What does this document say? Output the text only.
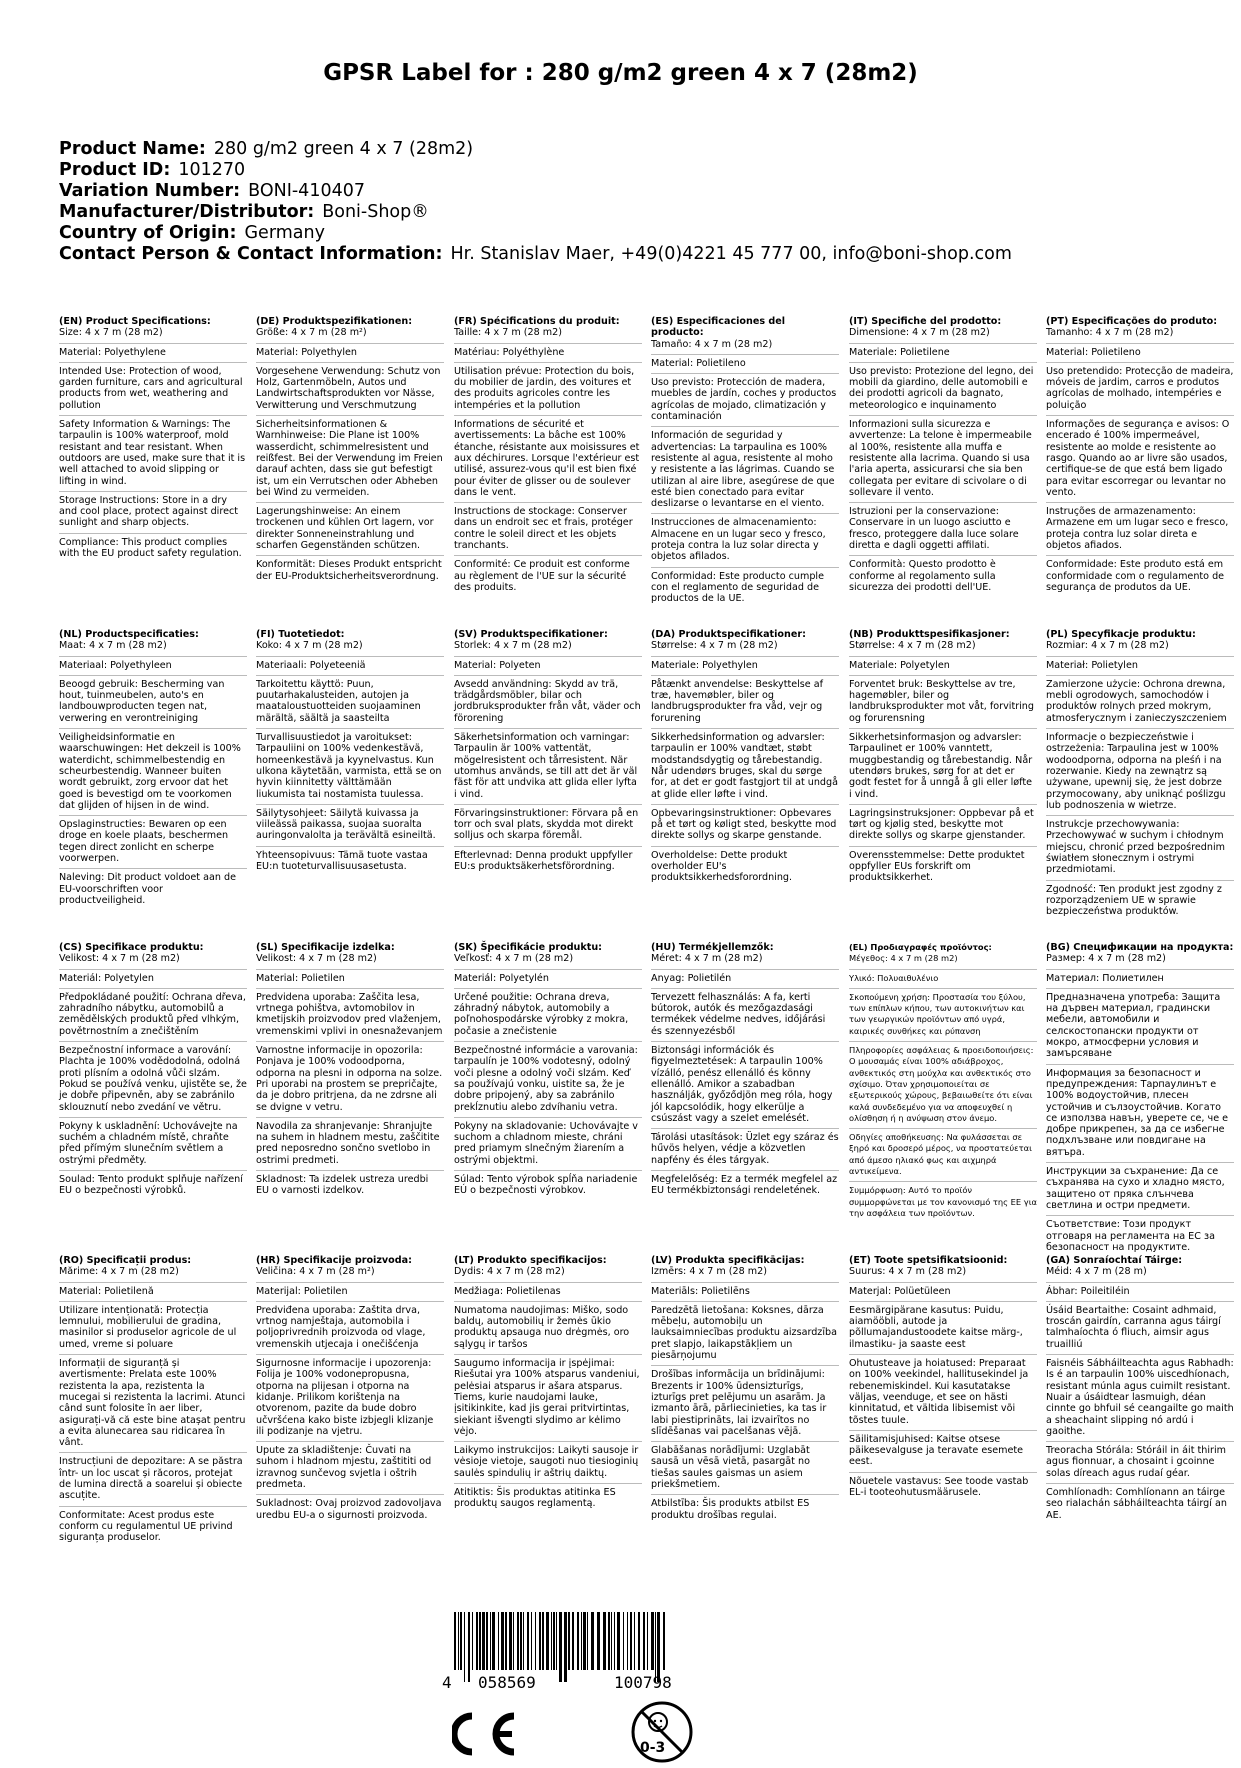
GPSR Label for : 280 g/m2 green 4 x 7 (28m2)
Product Name: 280 g/m2 green 4 x 7 (28m2)
Product ID: 101270
Variation Number: BONI-410407
Manufacturer/Distributor: Boni-Shop®
Country of Origin: Germany
Contact Person & Contact Information: Hr. Stanislav Maer, +49(0)4221 45 777 00, info@boni-shop.com
(EN) Product Specifications:

Size: 4 x 7 m (28 m2)

Material: Polyethylene

Intended Use: Protection of wood, garden furniture, cars and agricultural products from wet, weathering and pollution

Safety Information & Warnings: The tarpaulin is 100% waterproof, mold resistant and tear resistant. When outdoors are used, make sure that it is well attached to avoid slipping or lifting in wind.

Storage Instructions: Store in a dry and cool place, protect against direct sunlight and sharp objects.

Compliance: This product complies with the EU product safety regulation.

(DE) Produktspezifikationen:

Größe: 4 x 7 m (28 m²)

Material: Polyethylen

Vorgesehene Verwendung: Schutz von Holz, Gartenmöbeln, Autos und Landwirtschaftsprodukten vor Nässe, Verwitterung und Verschmutzung

Sicherheitsinformationen & Warnhinweise: Die Plane ist 100% wasserdicht, schimmelresistent und reißfest. Bei der Verwendung im Freien darauf achten, dass sie gut befestigt ist, um ein Verrutschen oder Abheben bei Wind zu vermeiden.

Lagerungshinweise: An einem trockenen und kühlen Ort lagern, vor direkter Sonneneinstrahlung und scharfen Gegenständen schützen.

Konformität: Dieses Produkt entspricht der EU-Produktsicherheitsverordnung.

(FR) Spécifications du produit:

Taille: 4 x 7 m (28 m2)

Matériau: Polyéthylène

Utilisation prévue: Protection du bois, du mobilier de jardin, des voitures et des produits agricoles contre les intempéries et la pollution

Informations de sécurité et avertissements: La bâche est 100% étanche, résistante aux moisissures et aux déchirures. Lorsque l'extérieur est utilisé, assurez-vous qu'il est bien fixé pour éviter de glisser ou de soulever dans le vent.

Instructions de stockage: Conserver dans un endroit sec et frais, protéger contre le soleil direct et les objets tranchants.

Conformité: Ce produit est conforme au règlement de l'UE sur la sécurité des produits.

(ES) Especificaciones del producto:

Tamaño: 4 x 7 m (28 m2)

Material: Polietileno

Uso previsto: Protección de madera, muebles de jardín, coches y productos agrícolas de mojado, climatización y contaminación

Información de seguridad y advertencias: La tarpaulina es 100% resistente al agua, resistente al moho y resistente a las lágrimas. Cuando se utilizan al aire libre, asegúrese de que esté bien conectado para evitar deslizarse o levantarse en el viento.

Instrucciones de almacenamiento: Almacene en un lugar seco y fresco, proteja contra la luz solar directa y objetos afilados.

Conformidad: Este producto cumple con el reglamento de seguridad de productos de la UE.

(IT) Specifiche del prodotto:

Dimensione: 4 x 7 m (28 m2)

Materiale: Polietilene

Uso previsto: Protezione del legno, dei mobili da giardino, delle automobili e dei prodotti agricoli da bagnato, meteorologico e inquinamento

Informazioni sulla sicurezza e avvertenze: La telone è impermeabile al 100%, resistente alla muffa e resistente alla lacrima. Quando si usa l'aria aperta, assicurarsi che sia ben collegata per evitare di scivolare o di sollevare il vento.

Istruzioni per la conservazione: Conservare in un luogo asciutto e fresco, proteggere dalla luce solare diretta e dagli oggetti affilati.

Conformità: Questo prodotto è conforme al regolamento sulla sicurezza dei prodotti dell'UE.

(PT) Especificações do produto:

Tamanho: 4 x 7 m (28 m2)

Material: Polietileno

Uso pretendido: Protecção de madeira, móveis de jardim, carros e produtos agrícolas de molhado, intempéries e poluição

Informações de segurança e avisos: O encerado é 100% impermeável, resistente ao molde e resistente ao rasgo. Quando ao ar livre são usados, certifique-se de que está bem ligado para evitar escorregar ou levantar no vento.

Instruções de armazenamento: Armazene em um lugar seco e fresco, proteja contra luz solar direta e objetos afiados.

Conformidade: Este produto está em conformidade com o regulamento de segurança de produtos da UE.

(NL) Productspecificaties:

Maat: 4 x 7 m (28 m2)

Materiaal: Polyethyleen

Beoogd gebruik: Bescherming van hout, tuinmeubelen, auto's en landbouwproducten tegen nat, verwering en verontreiniging

Veiligheidsinformatie en waarschuwingen: Het dekzeil is 100% waterdicht, schimmelbestendig en scheurbestendig. Wanneer buiten wordt gebruikt, zorg ervoor dat het goed is bevestigd om te voorkomen dat glijden of hijsen in de wind.

Opslaginstructies: Bewaren op een droge en koele plaats, beschermen tegen direct zonlicht en scherpe voorwerpen.

Naleving: Dit product voldoet aan de EU-voorschriften voor productveiligheid.

(FI) Tuotetiedot:

Koko: 4 x 7 m (28 m2)

Materiaali: Polyeteeniä

Tarkoitettu käyttö: Puun, puutarhakalusteiden, autojen ja maataloustuotteiden suojaaminen märältä, säältä ja saasteilta

Turvallisuustiedot ja varoitukset: Tarpauliini on 100% vedenkestävä, homeenkestävä ja kyynelvastus. Kun ulkona käytetään, varmista, että se on hyvin kiinnitetty välttämään liukumista tai nostamista tuulessa.

Säilytysohjeet: Säilytä kuivassa ja viileässä paikassa, suojaa suoralta auringonvalolta ja terävältä esineiltä.

Yhteensopivuus: Tämä tuote vastaa EU:n tuoteturvallisuusasetusta.

(SV) Produktspecifikationer:

Storlek: 4 x 7 m (28 m2)

Material: Polyeten

Avsedd användning: Skydd av trä, trädgårdsmöbler, bilar och jordbruksprodukter från våt, väder och förorening

Säkerhetsinformation och varningar: Tarpaulin är 100% vattentät, mögelresistent och tårresistent. När utomhus används, se till att det är väl fäst för att undvika att glida eller lyfta i vind.

Förvaringsinstruktioner: Förvara på en torr och sval plats, skydda mot direkt solljus och skarpa föremål.

Efterlevnad: Denna produkt uppfyller EU:s produktsäkerhetsförordning.

(DA) Produktspecifikationer:

Størrelse: 4 x 7 m (28 m2)

Materiale: Polyethylen

Påtænkt anvendelse: Beskyttelse af træ, havemøbler, biler og landbrugsprodukter fra våd, vejr og forurening

Sikkerhedsinformation og advarsler: tarpaulin er 100% vandtæt, støbt modstandsdygtig og tårebestandig. Når udendørs bruges, skal du sørge for, at det er godt fastgjort til at undgå at glide eller løfte i vind.

Opbevaringsinstruktioner: Opbevares på et tørt og køligt sted, beskytte mod direkte sollys og skarpe genstande.

Overholdelse: Dette produkt overholder EU's produktsikkerhedsforordning.

(NB) Produkttspesifikasjoner:

Størrelse: 4 x 7 m (28 m2)

Materiale: Polyetylen

Forventet bruk: Beskyttelse av tre, hagemøbler, biler og landbruksprodukter mot våt, forvitring og forurensning

Sikkerhetsinformasjon og advarsler: Tarpaulinet er 100% vanntett, muggbestandig og tårebestandig. Når utendørs brukes, sørg for at det er godt festet for å unngå å gli eller løfte i vind.

Lagringsinstruksjoner: Oppbevar på et tørt og kjølig sted, beskytte mot direkte sollys og skarpe gjenstander.

Overensstemmelse: Dette produktet oppfyller EUs forskrift om produktsikkerhet.

(PL) Specyfikacje produktu:

Rozmiar: 4 x 7 m (28 m2)

Materiał: Polietylen

Zamierzone użycie: Ochrona drewna, mebli ogrodowych, samochodów i produktów rolnych przed mokrym, atmosferycznym i zanieczyszczeniem

Informacje o bezpieczeństwie i ostrzeżenia: Tarpaulina jest w 100% wodoodporna, odporna na pleśń i na rozerwanie. Kiedy na zewnątrz są używane, upewnij się, że jest dobrze przymocowany, aby uniknąć poślizgu lub podnoszenia w wietrze.

Instrukcje przechowywania: Przechowywać w suchym i chłodnym miejscu, chronić przed bezpośrednim światłem słonecznym i ostrymi przedmiotami.

Zgodność: Ten produkt jest zgodny z rozporządzeniem UE w sprawie bezpieczeństwa produktów.

(CS) Specifikace produktu:

Velikost: 4 x 7 m (28 m2)

Materiál: Polyetylen

Předpokládané použití: Ochrana dřeva, zahradního nábytku, automobilů a zemědělských produktů před vlhkým, povětrnostním a znečištěním

Bezpečnostní informace a varování: Plachta je 100% vodědodolná, odolná proti plísním a odolná vůči slzám. Pokud se používá venku, ujistěte se, že je dobře připevněn, aby se zabránilo sklouznutí nebo zvedání ve větru.

Pokyny k uskladnění: Uchovávejte na suchém a chladném místě, chraňte před přímým slunečním světlem a ostrými předměty.

Soulad: Tento produkt splňuje nařízení EU o bezpečnosti výrobků.

(SL) Specifikacije izdelka:

Velikost: 4 x 7 m (28 m2)

Material: Polietilen

Predvidena uporaba: Zaščita lesa, vrtnega pohištva, avtomobilov in kmetijskih proizvodov pred vlaženjem, vremenskimi vplivi in onesnaževanjem

Varnostne informacije in opozorila: Ponjava je 100% vodoodporna, odporna na plesni in odporna na solze. Pri uporabi na prostem se prepričajte, da je dobro pritrjena, da ne zdrsne ali se dvigne v vetru.

Navodila za shranjevanje: Shranjujte na suhem in hladnem mestu, zaščitite pred neposredno sončno svetlobo in ostrimi predmeti.

Skladnost: Ta izdelek ustreza uredbi EU o varnosti izdelkov.

(SK) Špecifikácie produktu:

Veľkosť: 4 x 7 m (28 m2)

Materiál: Polyetylén

Určené použitie: Ochrana dreva, záhradný nábytok, automobily a poľnohospodárske výrobky z mokra, počasie a znečistenie

Bezpečnostné informácie a varovania: tarpaulín je 100% vodotesný, odolný voči plesne a odolný voči slzám. Keď sa používajú vonku, uistite sa, že je dobre pripojený, aby sa zabránilo prekĺznutiu alebo zdvíhaniu vetra.

Pokyny na skladovanie: Uchovávajte v suchom a chladnom mieste, chráni pred priamym slnečným žiarením a ostrými objektmi.

Súlad: Tento výrobok spĺňa nariadenie EÚ o bezpečnosti výrobkov.

(HU) Termékjellemzők:

Méret: 4 x 7 m (28 m2)

Anyag: Polietilén

Tervezett felhasználás: A fa, kerti bútorok, autók és mezőgazdasági termékek védelme nedves, időjárási és szennyezésből

Biztonsági információk és figyelmeztetések: A tarpaulin 100% vízálló, penész ellenálló és könny ellenálló. Amikor a szabadban használják, győződjön meg róla, hogy jól kapcsolódik, hogy elkerülje a csúszást vagy a szelet emelését.

Tárolási utasítások: Üzlet egy száraz és hűvös helyen, védje a közvetlen napfény és éles tárgyak.

Megfelelőség: Ez a termék megfelel az EU termékbiztonsági rendeletének.

(EL) Προδιαγραφές προϊόντος:

Μέγεθος: 4 x 7 m (28 m2)

Υλικό: Πολυαιθυλένιο

Σκοπούμενη χρήση: Προστασία του ξύλου, των επίπλων κήπου, των αυτοκινήτων και των γεωργικών προϊόντων από υγρά, καιρικές συνθήκες και ρύπανση

Πληροφορίες ασφάλειας & προειδοποιήσεις: Ο μουσαμάς είναι 100% αδιάβροχος, ανθεκτικός στη μούχλα και ανθεκτικός στο σχίσιμο. Όταν χρησιμοποιείται σε εξωτερικούς χώρους, βεβαιωθείτε ότι είναι καλά συνδεδεμένο για να αποφευχθεί η ολίσθηση ή η ανύψωση στον άνεμο.

Οδηγίες αποθήκευσης: Να φυλάσσεται σε ξηρό και δροσερό μέρος, να προστατεύεται από άμεσο ηλιακό φως και αιχμηρά αντικείμενα.

Συμμόρφωση: Αυτό το προϊόν συμμορφώνεται με τον κανονισμό της ΕΕ για την ασφάλεια των προϊόντων.

(BG) Спецификации на продукта:

Размер: 4 x 7 m (28 m2)

Материал: Полиетилен

Предназначена употреба: Защита на дървен материал, градински мебели, автомобили и селскостопански продукти от мокро, атмосферни условия и замърсяване

Информация за безопасност и предупреждения: Тарпаулинът е 100% водоустойчив, плесен устойчив и сълзоустойчив. Когато се използва навън, уверете се, че е добре прикрепен, за да се избегне подхлъзване или повдигане на вятъра.

Инструкции за съхранение: Да се съхранява на сухо и хладно място, защитено от пряка слънчева светлина и остри предмети.

Съответствие: Този продукт отговаря на регламента на ЕС за безопасност на продуктите.

(RO) Specificații produs:

Mărime: 4 x 7 m (28 m2)

Material: Polietilenă

Utilizare intenționată: Protecția lemnului, mobilierului de gradina, masinilor si produselor agricole de ul umed, vreme si poluare

Informații de siguranță și avertismente: Prelata este 100% rezistenta la apa, rezistenta la mucegai si rezistenta la lacrimi. Atunci când sunt folosite în aer liber, asigurați-vă că este bine atașat pentru a evita alunecarea sau ridicarea în vânt.

Instrucțiuni de depozitare: A se păstra într- un loc uscat și răcoros, protejat de lumina directă a soarelui și obiecte ascuțite.

Conformitate: Acest produs este conform cu regulamentul UE privind siguranța produselor.

(HR) Specifikacije proizvoda:

Veličina: 4 x 7 m (28 m²)

Materijal: Polietilen

Predviđena uporaba: Zaštita drva, vrtnog namještaja, automobila i poljoprivrednih proizvoda od vlage, vremenskih utjecaja i onečišćenja

Sigurnosne informacije i upozorenja: Folija je 100% vodonepropusna, otporna na plijesan i otporna na kidanje. Prilikom korištenja na otvorenom, pazite da bude dobro učvršćena kako biste izbjegli klizanje ili podizanje na vjetru.

Upute za skladištenje: Čuvati na suhom i hladnom mjestu, zaštititi od izravnog sunčevog svjetla i oštrih predmeta.

Sukladnost: Ovaj proizvod zadovoljava uredbu EU-a o sigurnosti proizvoda.

(LT) Produkto specifikacijos:

Dydis: 4 x 7 m (28 m2)

Medžiaga: Polietilenas

Numatoma naudojimas: Miško, sodo baldų, automobilių ir žemės ūkio produktų apsauga nuo drėgmės, oro sąlygų ir taršos

Saugumo informacija ir įspėjimai: Riešutai yra 100% atsparus vandeniui, pelėsiai atsparus ir ašara atsparus. Tiems, kurie naudojami lauke, įsitikinkite, kad jis gerai pritvirtintas, siekiant išvengti slydimo ar kėlimo vėjo.

Laikymo instrukcijos: Laikyti sausoje ir vėsioje vietoje, saugoti nuo tiesioginių saulės spindulių ir aštrių daiktų.

Atitiktis: Šis produktas atitinka ES produktų saugos reglamentą.

(LV) Produkta specifikācijas:

Izmērs: 4 x 7 m (28 m2)

Materiāls: Polietilēns

Paredzētā lietošana: Koksnes, dārza mēbeļu, automobiļu un lauksaimniecības produktu aizsardzība pret slapjo, laikapstākļiem un piesārņojumu

Drošības informācija un brīdinājumi: Brezents ir 100% ūdensizturīgs, izturīgs pret pelējumu un asarām. Ja izmanto ārā, pārliecinieties, ka tas ir labi piestiprināts, lai izvairītos no slīdēšanas vai pacelšanas vējā.

Glabāšanas norādījumi: Uzglabāt sausā un vēsā vietā, pasargāt no tiešas saules gaismas un asiem priekšmetiem.

Atbilstība: Šis produkts atbilst ES produktu drošības regulai.

(ET) Toote spetsifikatsioonid:

Suurus: 4 x 7 m (28 m2)

Materjal: Polüetüleen

Eesmärgipärane kasutus: Puidu, aiamööbli, autode ja põllumajandustoodete kaitse märg-, ilmastiku- ja saaste eest

Ohutusteave ja hoiatused: Preparaat on 100% veekindel, hallitusekindel ja rebenemiskindel. Kui kasutatakse väljas, veenduge, et see on hästi kinnitatud, et vältida libisemist või tõstes tuule.

Säilitamisjuhised: Kaitse otsese päikesevalguse ja teravate esemete eest.

Nõuetele vastavus: See toode vastab EL-i tooteohutusmäärusele.

(GA) Sonraíochtaí Táirge:

Méid: 4 x 7 m (28 m)

Ábhar: Poileitiléin

Úsáid Beartaithe: Cosaint adhmaid, troscán gairdín, carranna agus táirgí talmhaíochta ó fliuch, aimsir agus truailliú

Faisnéis Sábháilteachta agus Rabhadh: Is é an tarpaulin 100% uiscedhíonach, resistant múnla agus cuimilt resistant. Nuair a úsáidtear lasmuigh, déan cinnte go bhfuil sé ceangailte go maith a sheachaint slipping nó ardú i gaoithe.

Treoracha Stórála: Stóráil in áit thirim agus fionnuar, a chosaint i gcoinne solas díreach agus rudaí géar.

Comhlíonadh: Comhlíonann an táirge seo rialachán sábháilteachta táirgí an AE.

4 058569	100798
0-3
